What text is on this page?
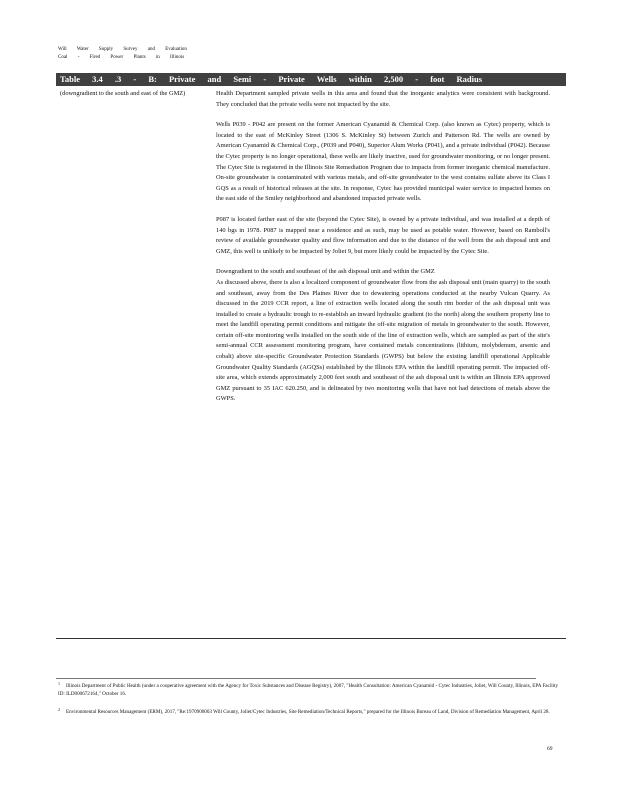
Will Water Supply Survey and Evaluation
Coal - Fired Power Plants in Illinois
Table 3.4 .3 - B: Private and Semi - Private Wells within 2,500 - foot Radius

(downgradient to the south and east of the GMZ)	Health Department sampled private wells in this area and found that the inorganic analytics were consistent with background. They concluded that the private wells were not impacted by the site.

Wells P039 - P042 are present on the former American Cyanamid & Chemical Corp. (also known as Cytec) property, which is located to the east of McKinley Street (1306 S. McKinley St) between Zurich and Patterson Rd. The wells are owned by American Cyanamid & Chemical Corp., (P039 and P040), Superior Alum Works (P041), and a private individual (P042). Because the Cytec property is no longer operational, these wells are likely inactive, used for groundwater monitoring, or no longer present. The Cytec Site is registered in the Illinois Site Remediation Program due to impacts from former inorganic chemical manufacture. On-site groundwater is contaminated with various metals, and off-site groundwater to the west contains sulfate above its Class I GQS as a result of historical releases at the site. In response, Cytec has provided municipal water service to impacted homes on the east side of the Smiley neighborhood and abandoned impacted private wells.

P087 is located farther east of the site (beyond the Cytec Site), is owned by a private individual, and was installed at a depth of 140 bgs in 1978. P087 is mapped near a residence and as such, may be used as potable water. However, based on Ramboll's review of available groundwater quality and flow information and due to the distance of the well from the ash disposal unit and GMZ, this well is unlikely to be impacted by Joliet 9, but more likely could be impacted by the Cytec Site.

Downgradient to the south and southeast of the ash disposal unit and within the GMZ
As discussed above, there is also a localized component of groundwater flow from the ash disposal unit (main quarry) to the south and southeast, away from the Des Plaines River due to dewatering operations conducted at the nearby Vulcan Quarry. As discussed in the 2019 CCR report, a line of extraction wells located along the south rim border of the ash disposal unit was installed to create a hydraulic trough to re-establish an inward hydraulic gradient (to the north) along the southern property line to meet the landfill operating permit conditions and mitigate the off-site migration of metals in groundwater to the south. However, certain off-site monitoring wells installed on the south side of the line of extraction wells, which are sampled as part of the site's semi-annual CCR assessment monitoring program, have contained metals concentrations (lithium, molybdenum, arsenic and cobalt) above site-specific Groundwater Protection Standards (GWPS) but below the existing landfill operational Applicable Groundwater Quality Standards (AGQSs) established by the Illinois EPA within the landfill operating permit. The impacted off-site area, which extends approximately 2,000 feet south and southeast of the ash disposal unit is within an Illinois EPA approved GMZ pursuant to 35 IAC 620.250, and is delineated by two monitoring wells that have not had detections of metals above the GWPS.

$^1$ Illinois Department of Public Health (under a cooperative agreement with the Agency for Toxic Substances and Disease Registry), 2007, "Health Consultation: American Cyanamid - Cytec Industries, Joliet, Will County, Illinois, EPA Facility ID: ILD000672164," October 16.
$^2$ Environmental Resources Management (ERM), 2017, "Re:1970900003 Will County, Joliet/Cytec Industries, Site Remediation/Technical Reports," prepared for the Illinois Bureau of Land, Division of Remediation Management, April 28.
69
